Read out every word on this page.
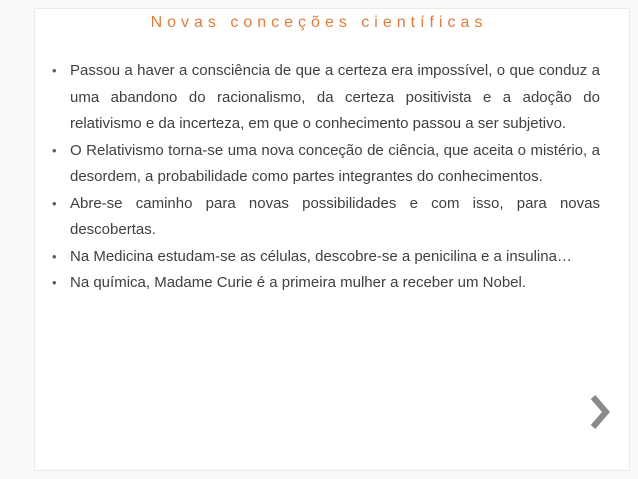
Novas conceções científicas
• Passou a haver a consciência de que a certeza era impossível, o que conduz a uma abandono do racionalismo, da certeza positivista e a adoção do relativismo e da incerteza, em que o conhecimento passou a ser subjetivo.
• O Relativismo torna-se uma nova conceção de ciência, que aceita o mistério, a desordem, a probabilidade como partes integrantes do conhecimentos.
• Abre-se caminho para novas possibilidades e com isso, para novas descobertas.
• Na Medicina estudam-se as células, descobre-se a penicilina e a insulina…
• Na química, Madame Curie é a primeira mulher a receber um Nobel.
